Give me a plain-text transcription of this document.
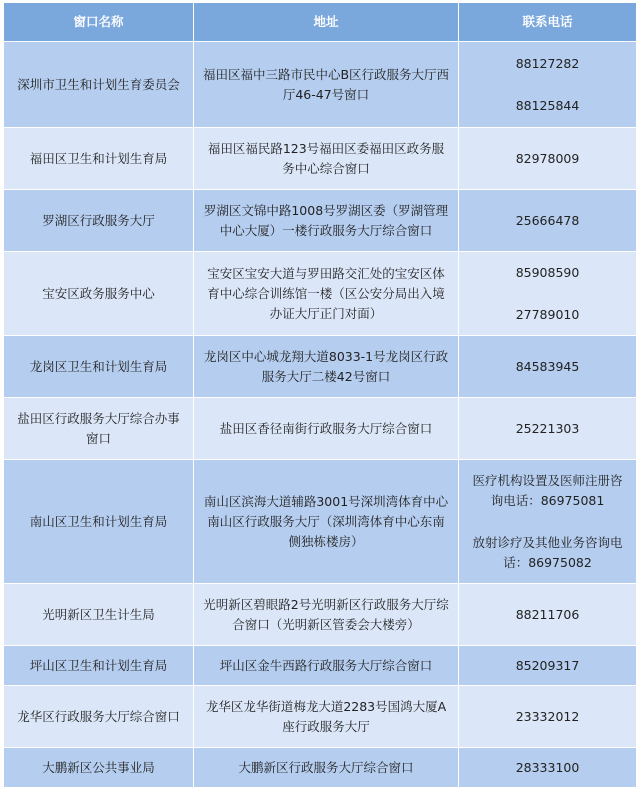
窗口名称	地址	联系电话
深圳市卫生和计划生育委员会	福田区福中三路市民中心B区行政服务大厅西厅46-47号窗口	88127282
88125844

福田区卫生和计划生育局	福田区福民路123号福田区委福田区政务服务中心综合窗口	82978009

罗湖区行政服务大厅	罗湖区文锦中路1008号罗湖区委（罗湖管理中心大厦）一楼行政服务大厅综合窗口	25666478

宝安区政务服务中心	宝安区宝安大道与罗田路交汇处的宝安区体育中心综合训练馆一楼（区公安分局出入境办证大厅正门对面）	85908590
27789010

龙岗区卫生和计划生育局	龙岗区中心城龙翔大道8033-1号龙岗区行政服务大厅二楼42号窗口	84583945

盐田区行政服务大厅综合办事窗口	盐田区香径南街行政服务大厅综合窗口	25221303

南山区卫生和计划生育局	南山区滨海大道辅路3001号深圳湾体育中心南山区行政服务大厅（深圳湾体育中心东南侧独栋楼房）	医疗机构设置及医师注册咨询电话：86975081
放射诊疗及其他业务咨询电话：86975082

光明新区卫生计生局	光明新区碧眼路2号光明新区行政服务大厅综合窗口（光明新区管委会大楼旁）	88211706

坪山区卫生和计划生育局	坪山区金牛西路行政服务大厅综合窗口	85209317

龙华区行政服务大厅综合窗口	龙华区龙华街道梅龙大道2283号国鸿大厦A座行政服务大厅	23332012

大鹏新区公共事业局	大鹏新区行政服务大厅综合窗口	28333100
